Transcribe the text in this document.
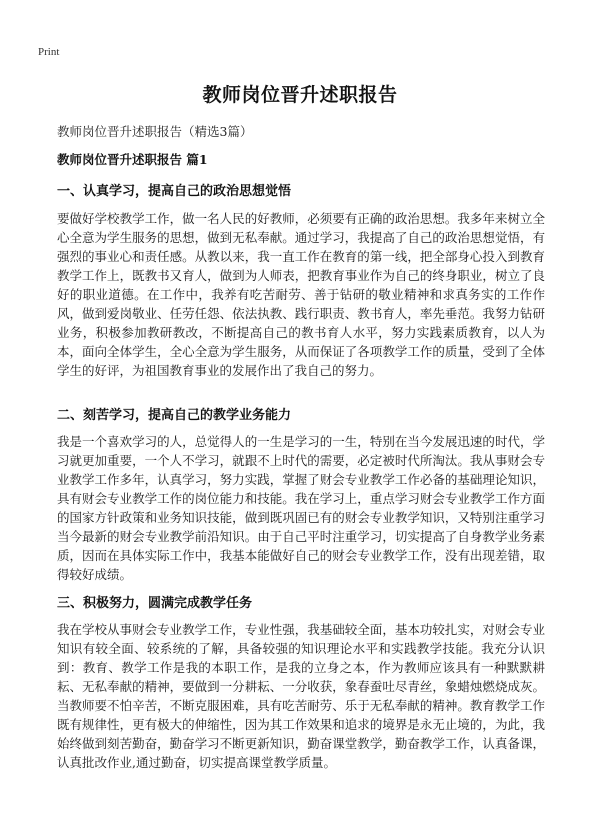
Print
教师岗位晋升述职报告
教师岗位晋升述职报告（精选3篇）
教师岗位晋升述职报告 篇1
一、认真学习，提高自己的政治思想觉悟

要做好学校教学工作，做一名人民的好教师，必须要有正确的政治思想。我多年来树立全心全意为学生服务的思想，做到无私奉献。通过学习，我提高了自己的政治思想觉悟，有强烈的事业心和责任感。从教以来，我一直工作在教育的第一线，把全部身心投入到教育教学工作上，既教书又育人，做到为人师表，把教育事业作为自己的终身职业，树立了良好的职业道德。在工作中，我养有吃苦耐劳、善于钻研的敬业精神和求真务实的工作作风，做到爱岗敬业、任劳任怨、依法执教、践行职责、教书育人，率先垂范。我努力钻研业务，积极参加教研教改，不断提高自己的教书育人水平，努力实践素质教育，以人为本，面向全体学生，全心全意为学生服务，从而保证了各项教学工作的质量，受到了全体学生的好评，为祖国教育事业的发展作出了我自己的努力。

二、刻苦学习，提高自己的教学业务能力

我是一个喜欢学习的人，总觉得人的一生是学习的一生，特别在当今发展迅速的时代，学习就更加重要，一个人不学习，就跟不上时代的需要，必定被时代所淘汰。我从事财会专业教学工作多年，认真学习，努力实践，掌握了财会专业教学工作必备的基础理论知识，具有财会专业教学工作的岗位能力和技能。我在学习上，重点学习财会专业教学工作方面的国家方针政策和业务知识技能，做到既巩固已有的财会专业教学知识，又特别注重学习当今最新的财会专业教学前沿知识。由于自己平时注重学习，切实提高了自身教学业务素质，因而在具体实际工作中，我基本能做好自己的财会专业教学工作，没有出现差错，取得较好成绩。

三、积极努力，圆满完成教学任务

我在学校从事财会专业教学工作，专业性强，我基础较全面，基本功较扎实，对财会专业知识有较全面、较系统的了解，具备较强的知识理论水平和实践教学技能。我充分认识到：教育、教学工作是我的本职工作，是我的立身之本，作为教师应该具有一种默默耕耘、无私奉献的精神，要做到一分耕耘、一分收获，象春蚕吐尽青丝，象蜡烛燃烧成灰。当教师要不怕辛苦，不断克服困难，具有吃苦耐劳、乐于无私奉献的精神。教育教学工作既有规律性，更有极大的伸缩性，因为其工作效果和追求的境界是永无止境的，为此，我始终做到刻苦勤奋，勤奋学习不断更新知识，勤奋课堂教学，勤奋教学工作，认真备课，认真批改作业,通过勤奋，切实提高课堂教学质量。
